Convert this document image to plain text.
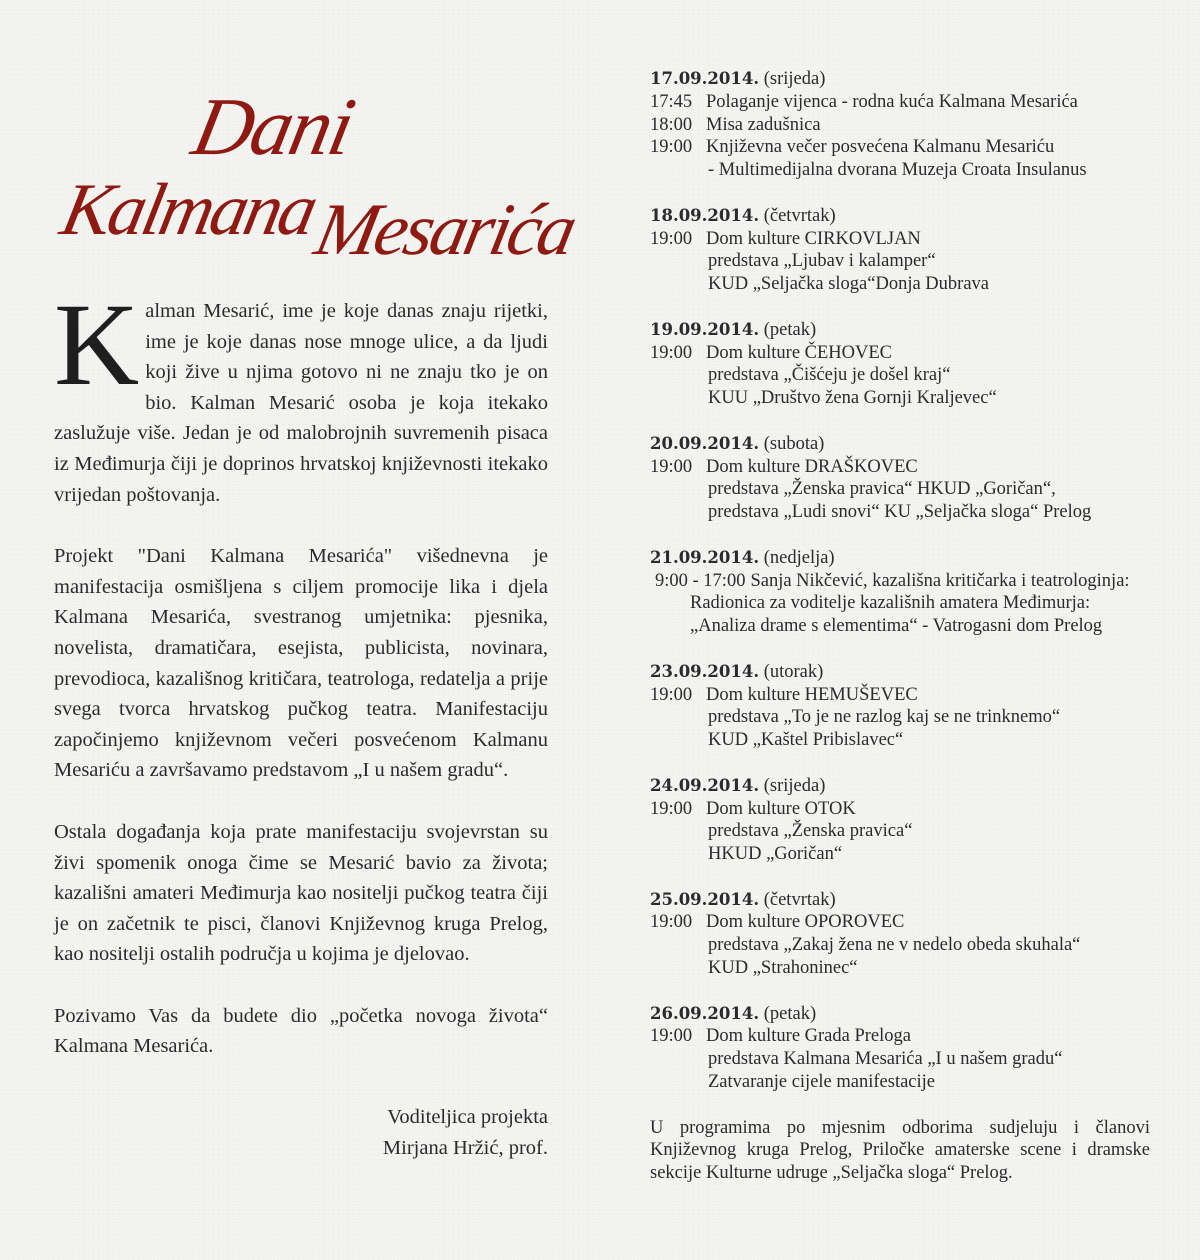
Dani
Kalmana
Mesarića

Kalman Mesarić, ime je koje danas znaju rijetki, ime je koje danas nose mnoge ulice, a da ljudi koji žive u njima gotovo ni ne znaju tko je on bio. Kalman Mesarić osoba je koja itekako zaslužuje više. Jedan je od malobrojnih suvremenih pisaca iz Međimurja čiji je doprinos hrvatskoj književnosti itekako vrijedan poštovanja.

Projekt "Dani Kalmana Mesarića" višednevna je manifestacija osmišljena s ciljem promocije lika i djela Kalmana Mesarića, svestranog umjetnika: pjesnika, novelista, dramatičara, esejista, publicista, novinara, prevodioca, kazališnog kritičara, teatrologa, redatelja a prije svega tvorca hrvatskog pučkog teatra. Manifestaciju započinjemo književnom večeri posvećenom Kalmanu Mesariću a završavamo predstavom „I u našem gradu“.

Ostala događanja koja prate manifestaciju svojevrstan su živi spomenik onoga čime se Mesarić bavio za života; kazališni amateri Međimurja kao nositelji pučkog teatra čiji je on začetnik te pisci, članovi Književnog kruga Prelog, kao nositelji ostalih područja u kojima je djelovao.

Pozivamo Vas da budete dio „početka novoga života“ Kalmana Mesarića.

Voditeljica projekta
Mirjana Hržić, prof.
17.09.2014. (srijeda)
17:45 Polaganje vijenca - rodna kuća Kalmana Mesarića
18:00 Misa zadušnica
19:00 Književna večer posvećena Kalmanu Mesariću
- Multimedijalna dvorana Muzeja Croata Insulanus
18.09.2014. (četvrtak)
19:00 Dom kulture CIRKOVLJAN
predstava „Ljubav i kalamper“
KUD „Seljačka sloga“Donja Dubrava
19.09.2014. (petak)
19:00 Dom kulture ČEHOVEC
predstava „Čišćeju je došel kraj“
KUU „Društvo žena Gornji Kraljevec“
20.09.2014. (subota)
19:00 Dom kulture DRAŠKOVEC
predstava „Ženska pravica“ HKUD „Goričan“,
predstava „Ludi snovi“ KU „Seljačka sloga“ Prelog
21.09.2014. (nedjelja)
9:00 - 17:00 Sanja Nikčević, kazališna kritičarka i teatrologinja:
Radionica za voditelje kazališnih amatera Međimurja:
„Analiza drame s elementima“ - Vatrogasni dom Prelog
23.09.2014. (utorak)
19:00 Dom kulture HEMUŠEVEC
predstava „To je ne razlog kaj se ne trinknemo“
KUD „Kaštel Pribislavec“
24.09.2014. (srijeda)
19:00 Dom kulture OTOK
predstava „Ženska pravica“
HKUD „Goričan“
25.09.2014. (četvrtak)
19:00 Dom kulture OPOROVEC
predstava „Zakaj žena ne v nedelo obeda skuhala“
KUD „Strahoninec“
26.09.2014. (petak)
19:00 Dom kulture Grada Preloga
predstava Kalmana Mesarića „I u našem gradu“
Zatvaranje cijele manifestacije
U programima po mjesnim odborima sudjeluju i članovi Književnog kruga Prelog, Priločke amaterske scene i dramske sekcije Kulturne udruge „Seljačka sloga“ Prelog.
